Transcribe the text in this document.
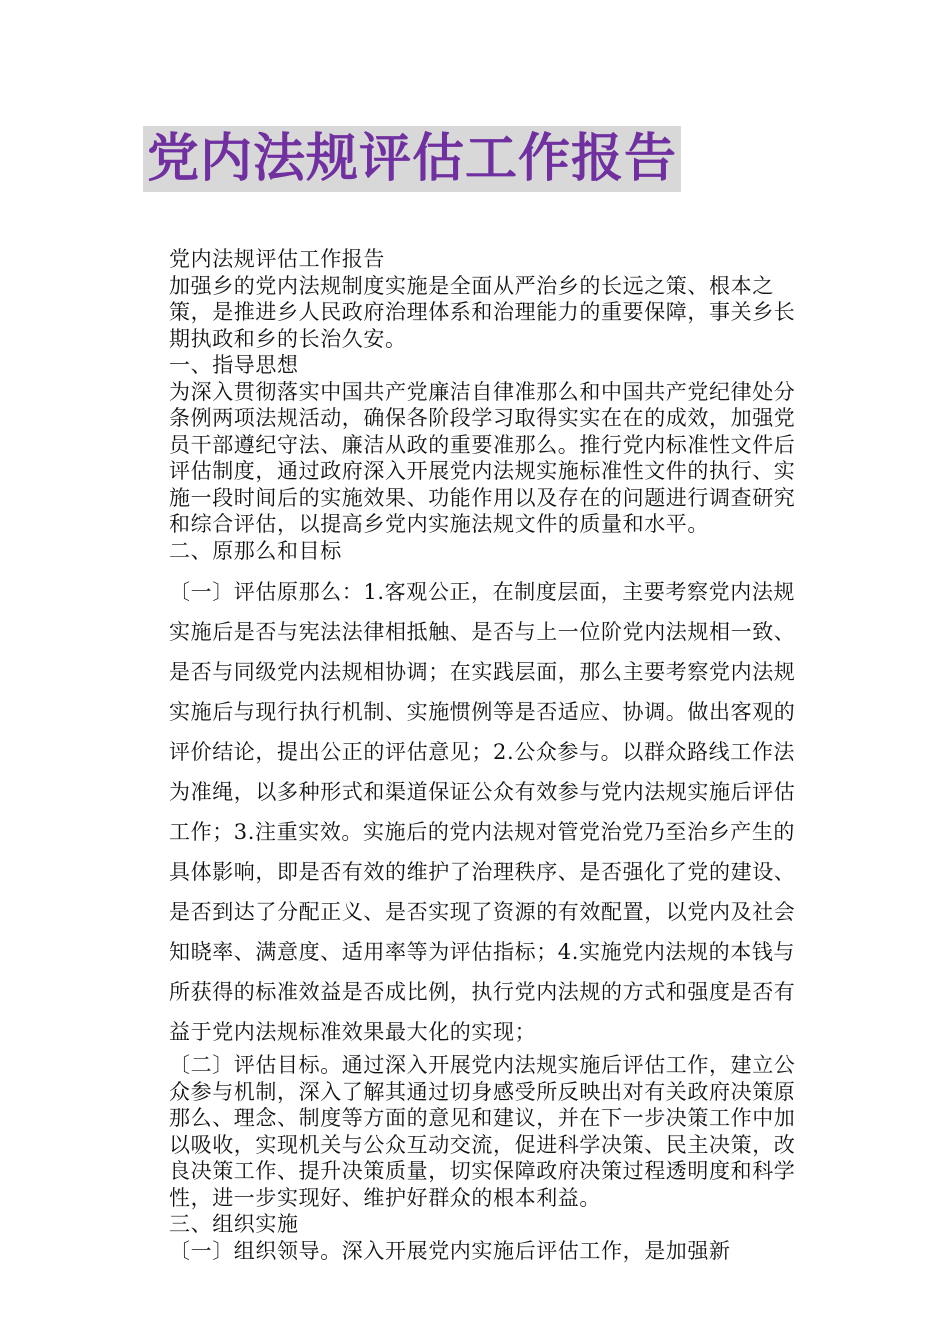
党内法规评估工作报告

党内法规评估工作报告

加强乡的党内法规制度实施是全面从严治乡的长远之策、根本之策，是推进乡人民政府治理体系和治理能力的重要保障，事关乡长期执政和乡的长治久安。

一、指导思想

为深入贯彻落实中国共产党廉洁自律准那么和中国共产党纪律处分条例两项法规活动，确保各阶段学习取得实实在在的成效，加强党员干部遵纪守法、廉洁从政的重要准那么。推行党内标准性文件后评估制度，通过政府深入开展党内法规实施标准性文件的执行、实施一段时间后的实施效果、功能作用以及存在的问题进行调查研究和综合评估，以提高乡党内实施法规文件的质量和水平。

二、原那么和目标

〔一〕评估原那么：1.客观公正，在制度层面，主要考察党内法规实施后是否与宪法法律相抵触、是否与上一位阶党内法规相一致、是否与同级党内法规相协调；在实践层面，那么主要考察党内法规实施后与现行执行机制、实施惯例等是否适应、协调。做出客观的评价结论，提出公正的评估意见；2.公众参与。以群众路线工作法为准绳，以多种形式和渠道保证公众有效参与党内法规实施后评估工作；3.注重实效。实施后的党内法规对管党治党乃至治乡产生的具体影响，即是否有效的维护了治理秩序、是否强化了党的建设、是否到达了分配正义、是否实现了资源的有效配置，以党内及社会知晓率、满意度、适用率等为评估指标；4.实施党内法规的本钱与所获得的标准效益是否成比例，执行党内法规的方式和强度是否有益于党内法规标准效果最大化的实现；

〔二〕评估目标。通过深入开展党内法规实施后评估工作，建立公众参与机制，深入了解其通过切身感受所反映出对有关政府决策原那么、理念、制度等方面的意见和建议，并在下一步决策工作中加以吸收，实现机关与公众互动交流，促进科学决策、民主决策，改良决策工作、提升决策质量，切实保障政府决策过程透明度和科学性，进一步实现好、维护好群众的根本利益。

三、组织实施

〔一〕组织领导。深入开展党内实施后评估工作，是加强新
